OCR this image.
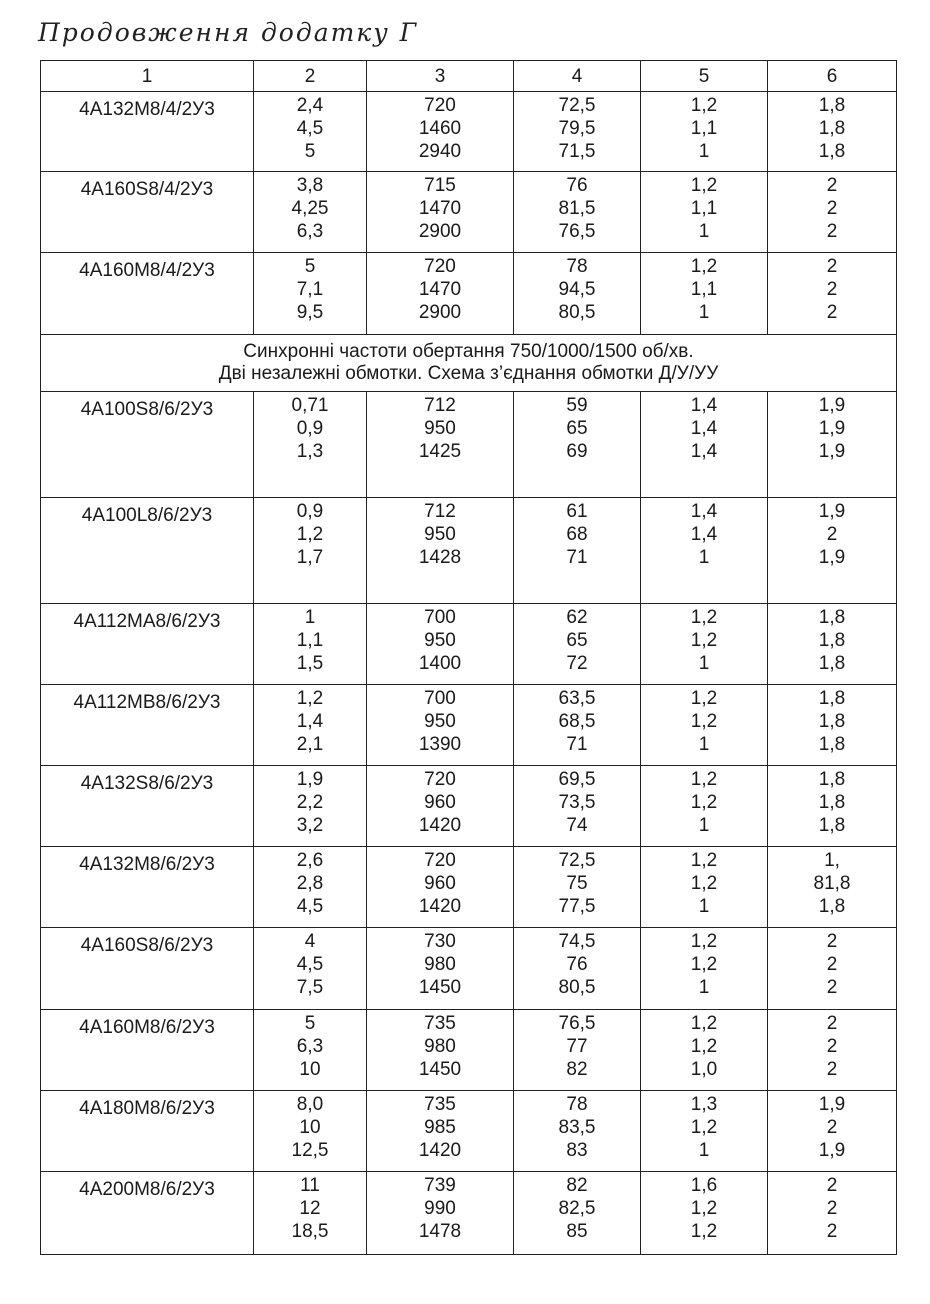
Продовження додатку Г
1	2	3	4	5	6
4А132М8/4/2У3	2,4
4,5
5	720
1460
2940	72,5
79,5
71,5	1,2
1,1
1	1,8
1,8
1,8

4А160S8/4/2У3	3,8
4,25
6,3	715
1470
2900	76
81,5
76,5	1,2
1,1
1	2
2
2

4А160М8/4/2У3	5
7,1
9,5	720
1470
2900	78
94,5
80,5	1,2
1,1
1	2
2
2

Синхронні частоти обертання 750/1000/1500 об/хв.
Дві незалежні обмотки. Схема з’єднання обмотки Д/У/УУ					

4А100S8/6/2У3	0,71
0,9
1,3	712
950
1425	59
65
69	1,4
1,4
1,4	1,9
1,9
1,9

4А100L8/6/2У3	0,9
1,2
1,7	712
950
1428	61
68
71	1,4
1,4
1	1,9
2
1,9

4А112МА8/6/2У3	1
1,1
1,5	700
950
1400	62
65
72	1,2
1,2
1	1,8
1,8
1,8

4А112МВ8/6/2У3	1,2
1,4
2,1	700
950
1390	63,5
68,5
71	1,2
1,2
1	1,8
1,8
1,8

4А132S8/6/2У3	1,9
2,2
3,2	720
960
1420	69,5
73,5
74	1,2
1,2
1	1,8
1,8
1,8

4А132М8/6/2У3	2,6
2,8
4,5	720
960
1420	72,5
75
77,5	1,2
1,2
1	1,
81,8
1,8

4А160S8/6/2У3	4
4,5
7,5	730
980
1450	74,5
76
80,5	1,2
1,2
1	2
2
2

4А160М8/6/2У3	5
6,3
10	735
980
1450	76,5
77
82	1,2
1,2
1,0	2
2
2

4А180М8/6/2У3	8,0
10
12,5	735
985
1420	78
83,5
83	1,3
1,2
1	1,9
2
1,9

4А200М8/6/2У3	11
12
18,5	739
990
1478	82
82,5
85	1,6
1,2
1,2	2
2
2
